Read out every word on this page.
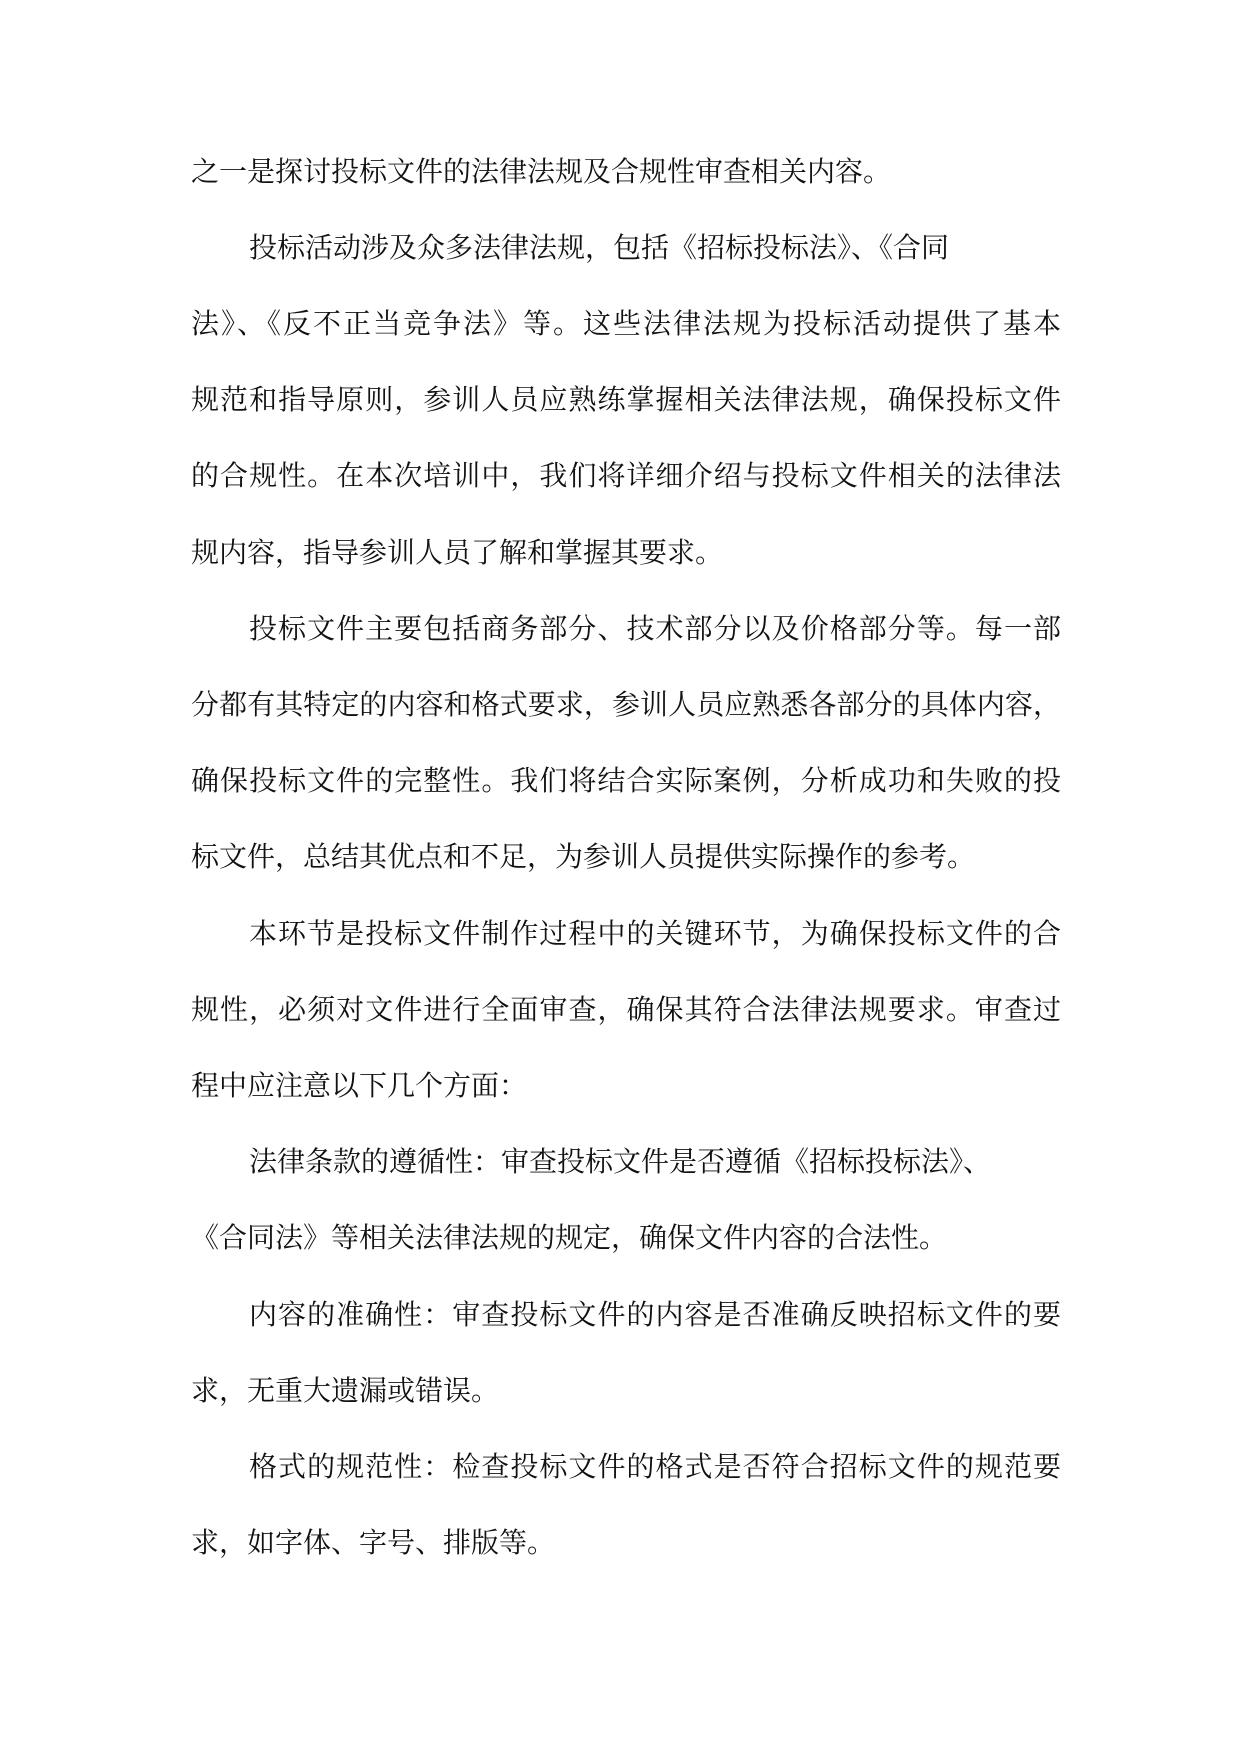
之一是探讨投标文件的法律法规及合规性审查相关内容。
投标活动涉及众多法律法规，包括《招标投标法》、《合同
法》、《反不正当竞争法》等。这些法律法规为投标活动提供了基本
规范和指导原则，参训人员应熟练掌握相关法律法规，确保投标文件
的合规性。在本次培训中，我们将详细介绍与投标文件相关的法律法
规内容，指导参训人员了解和掌握其要求。
投标文件主要包括商务部分、技术部分以及价格部分等。每一部
分都有其特定的内容和格式要求，参训人员应熟悉各部分的具体内容，
确保投标文件的完整性。我们将结合实际案例，分析成功和失败的投
标文件，总结其优点和不足，为参训人员提供实际操作的参考。
本环节是投标文件制作过程中的关键环节，为确保投标文件的合
规性，必须对文件进行全面审查，确保其符合法律法规要求。审查过
程中应注意以下几个方面：
法律条款的遵循性：审查投标文件是否遵循《招标投标法》、
《合同法》等相关法律法规的规定，确保文件内容的合法性。
内容的准确性：审查投标文件的内容是否准确反映招标文件的要
求，无重大遗漏或错误。
格式的规范性：检查投标文件的格式是否符合招标文件的规范要
求，如字体、字号、排版等。
